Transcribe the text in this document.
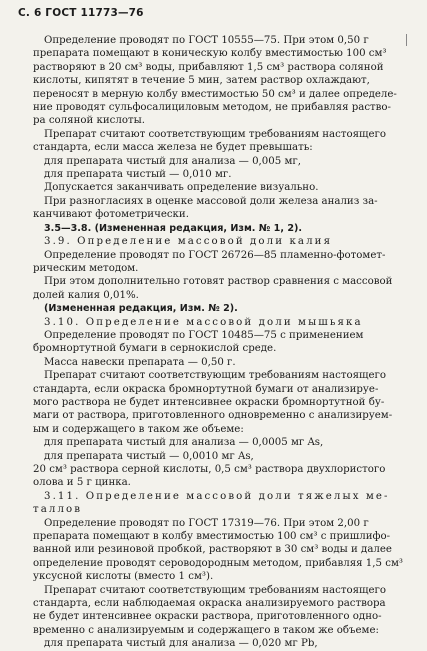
С. 6 ГОСТ 11773—76

Определение проводят по ГОСТ 10555—75. При этом 0,50 г

препарата помещают в коническую колбу вместимостью 100 см³

растворяют в 20 см³ воды, прибавляют 1,5 см³ раствора соляной

кислоты, кипятят в течение 5 мин, затем раствор охлаждают,

переносят в мерную колбу вместимостью 50 см³ и далее определе-

ние проводят сульфосалициловым методом, не прибавляя раство-

ра соляной кислоты.

Препарат считают соответствующим требованиям настоящего

стандарта, если масса железа не будет превышать:

для препарата чистый для анализа — 0,005 мг,

для препарата чистый — 0,010 мг.

Допускается заканчивать определение визуально.

При разногласиях в оценке массовой доли железа анализ за-

канчивают фотометрически.

3.5—3.8. (Измененная редакция, Изм. № 1, 2).

3.9. Определение массовой доли калия

Определение проводят по ГОСТ 26726—85 пламенно-фотомет-

рическим методом.

При этом дополнительно готовят раствор сравнения с массовой

долей калия 0,01%.

(Измененная редакция, Изм. № 2).

3.10. Определение массовой доли мышьяка

Определение проводят по ГОСТ 10485—75 с применением

бромнортутной бумаги в сернокислой среде.

Масса навески препарата — 0,50 г.

Препарат считают соответствующим требованиям настоящего

стандарта, если окраска бромнортутной бумаги от анализируе-

мого раствора не будет интенсивнее окраски бромнортутной бу-

маги от раствора, приготовленного одновременно с анализируем-

ым и содержащего в таком же объеме:

для препарата чистый для анализа — 0,0005 мг As,

для препарата чистый — 0,0010 мг As,

20 см³ раствора серной кислоты, 0,5 см³ раствора двухлористого

олова и 5 г цинка.

3.11. Определение массовой доли тяжелых ме-

таллов

Определение проводят по ГОСТ 17319—76. При этом 2,00 г

препарата помещают в колбу вместимостью 100 см³ с пришлифо-

ванной или резиновой пробкой, растворяют в 30 см³ воды и далее

определение проводят сероводородным методом, прибавляя 1,5 см³

уксусной кислоты (вместо 1 см³).

Препарат считают соответствующим требованиям настоящего

стандарта, если наблюдаемая окраска анализируемого раствора

не будет интенсивнее окраски раствора, приготовленного одно-

временно с анализируемым и содержащего в таком же объеме:

для препарата чистый для анализа — 0,020 мг Pb,
